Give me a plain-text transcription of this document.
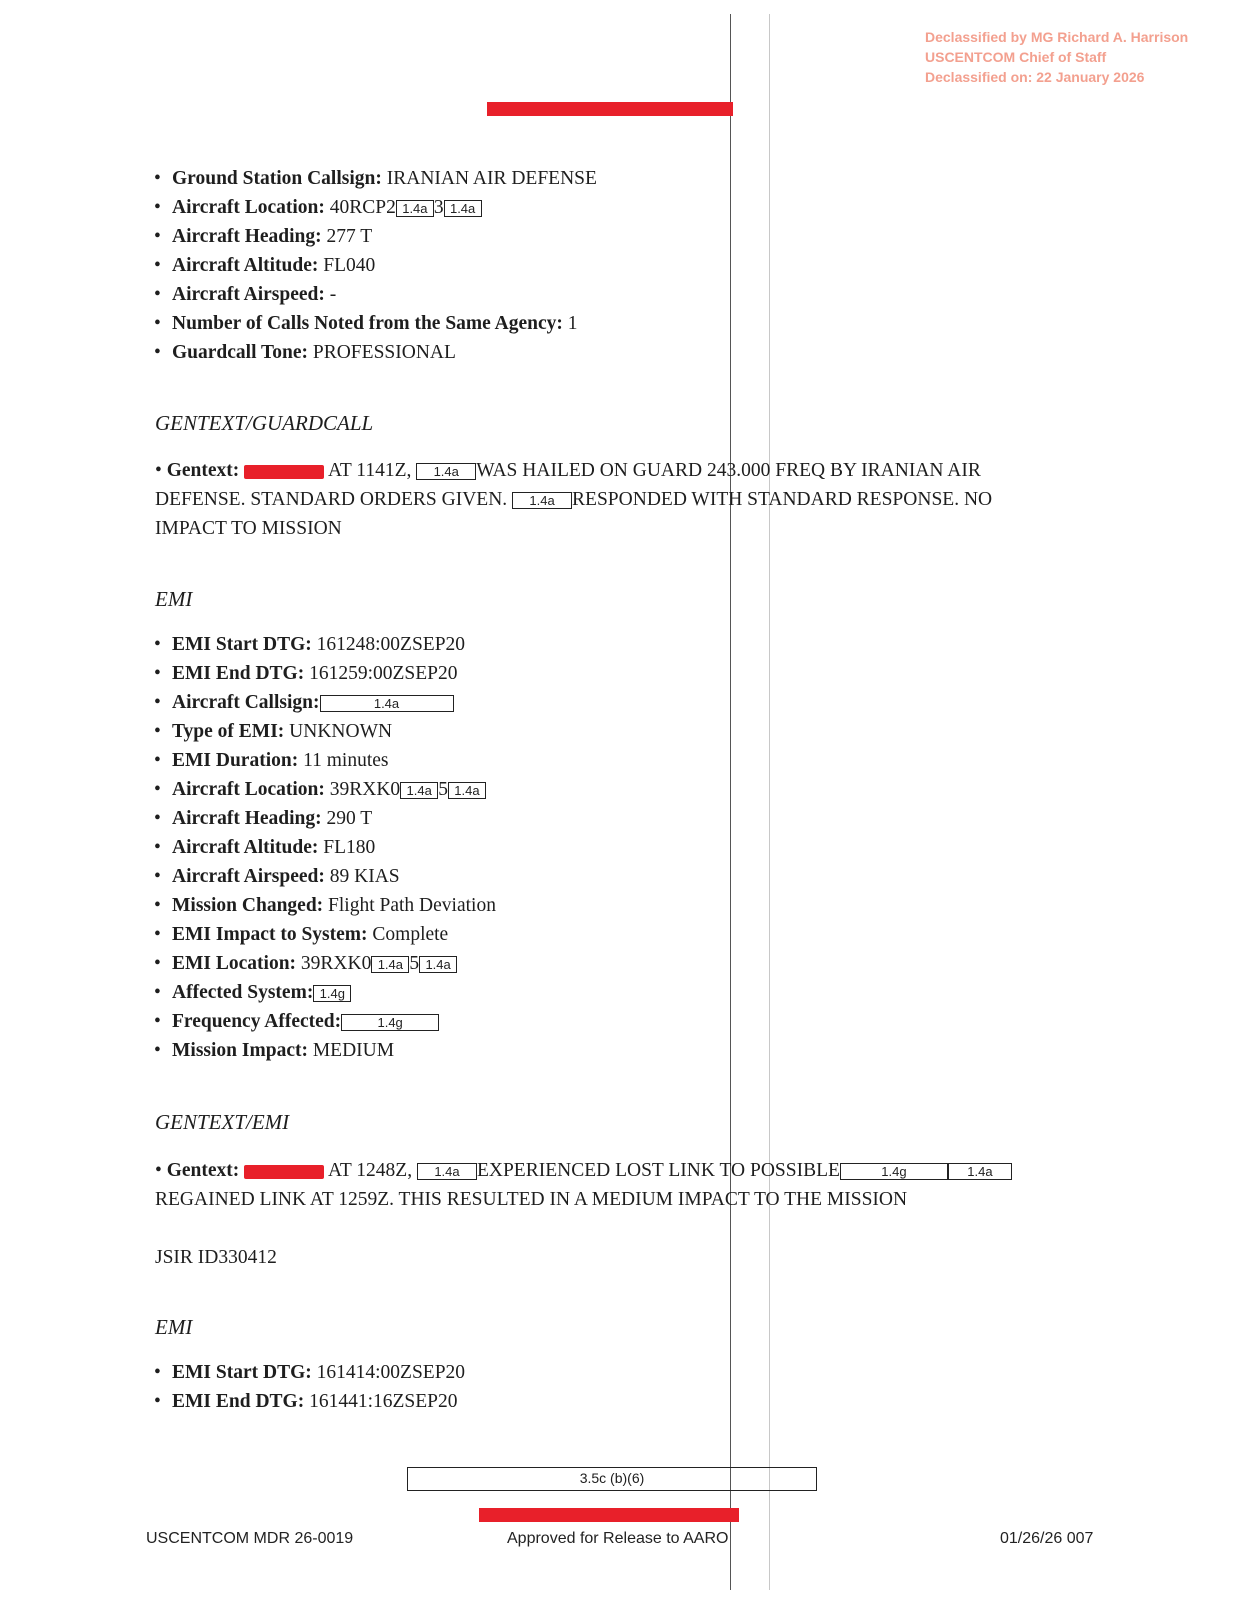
Declassified by MG Richard A. Harrison
USCENTCOM Chief of Staff
Declassified on: 22 January 2026
• Ground Station Callsign: IRANIAN AIR DEFENSE
• Aircraft Location: 40RCP2 1.4a 3 1.4a
• Aircraft Heading: 277 T
• Aircraft Altitude: FL040
• Aircraft Airspeed: -
• Number of Calls Noted from the Same Agency: 1
• Guardcall Tone: PROFESSIONAL
GENTEXT/GUARDCALL
• Gentext:	AT 1141Z, 1.4a WAS HAILED ON GUARD 243.000 FREQ BY IRANIAN AIR
DEFENSE. STANDARD ORDERS GIVEN. 1.4a RESPONDED WITH STANDARD RESPONSE. NO
IMPACT TO MISSION
EMI
• EMI Start DTG: 161248:00ZSEP20
• EMI End DTG: 161259:00ZSEP20
• Aircraft Callsign:	1.4a
• Type of EMI: UNKNOWN
• EMI Duration: 11 minutes
• Aircraft Location: 39RXK0 1.4a 5 1.4a
• Aircraft Heading: 290 T
• Aircraft Altitude: FL180
• Aircraft Airspeed: 89 KIAS
• Mission Changed: Flight Path Deviation
• EMI Impact to System: Complete
• EMI Location: 39RXK0 1.4a 5 1.4a
• Affected System: 1.4g
• Frequency Affected:	1.4g
• Mission Impact: MEDIUM
GENTEXT/EMI
• Gentext:	AT 1248Z, 1.4a EXPERIENCED LOST LINK TO POSSIBLE	1.4g	1.4a
REGAINED LINK AT 1259Z. THIS RESULTED IN A MEDIUM IMPACT TO THE MISSION
JSIR ID330412
EMI
• EMI Start DTG: 161414:00ZSEP20
• EMI End DTG: 161441:16ZSEP20
3.5c (b)(6)
USCENTCOM MDR 26-0019	Approved for Release to AARO	01/26/26 007
